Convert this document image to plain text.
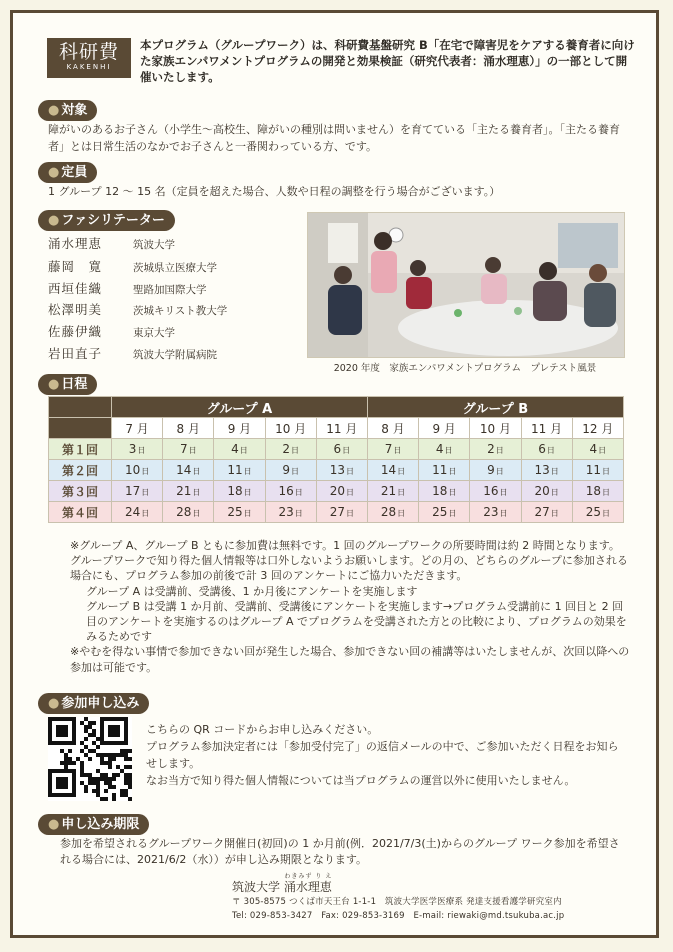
科研費
KAKENHI
本プログラム（グループワーク）は、科研費基盤研究 B「在宅で障害児をケアする養育者に向けた家族エンパワメントプログラムの開発と効果検証（研究代表者：涌水理恵）」の一部として開催いたします。
● 対象
障がいのあるお子さん（小学生～高校生、障がいの種別は問いません）を育てている「主たる養育者」。「主たる養育者」とは日常生活のなかでお子さんと一番関わっている方、です。
● 定員
1 グループ 12 ～ 15 名（定員を超えた場合、人数や日程の調整を行う場合がございます。）
● ファシリテーター
涌水理恵	筑波大学
藤岡　寛	茨城県立医療大学
西垣佳織	聖路加国際大学
松澤明美	茨城キリスト教大学
佐藤伊織	東京大学
岩田直子	筑波大学附属病院
2020 年度　家族エンパワメントプログラム　プレテスト風景
● 日程
	グループ A					グループ B				
	7 月	8 月	9 月	10 月	11 月	8 月	9 月	10 月	11 月	12 月
第１回	3日	7日	4日	2日	6日	7日	4日	2日	6日	4日
第２回	10日	14日	11日	9日	13日	14日	11日	9日	13日	11日
第３回	17日	21日	18日	16日	20日	21日	18日	16日	20日	18日
第４回	24日	28日	25日	23日	27日	28日	25日	23日	27日	25日

※グループ A、グループ B ともに参加費は無料です。1 回のグループワークの所要時間は約 2 時間となります。グループワークで知り得た個人情報等は口外しないようお願いします。どの月の、どちらのグループに参加される場合にも、プログラム参加の前後で計 3 回のアンケートにご協力いただきます。

グループ A は受講前、受講後、1 か月後にアンケートを実施します

グループ B は受講 1 か月前、受講前、受講後にアンケートを実施します→プログラム受講前に 1 回目と 2 回目のアンケートを実施するのはグループ A でプログラムを受講された方との比較により、プログラムの効果をみるためです

※やむを得ない事情で参加できない回が発生した場合、参加できない回の補講等はいたしませんが、次回以降への参加は可能です。

● 参加申し込み
こちらの QR コードからお申し込みください。
プログラム参加決定者には「参加受付完了」の返信メールの中で、ご参加いただく日程をお知らせします。
なお当方で知り得た個人情報については当プログラムの運営以外に使用いたしません。
● 申し込み期限
参加を希望されるグループワーク開催日(初回)の 1 か月前(例．2021/7/3(土)からのグループ ワーク参加を希望される場合には、2021/6/2（水））が申し込み期限となります。
筑波大学 涌水理恵わきみず り え
〒 305-8575 つくば市天王台 1-1-1　筑波大学医学医療系 発達支援看護学研究室内
Tel: 029-853-3427　Fax: 029-853-3169　E-mail: riewaki@md.tsukuba.ac.jp
